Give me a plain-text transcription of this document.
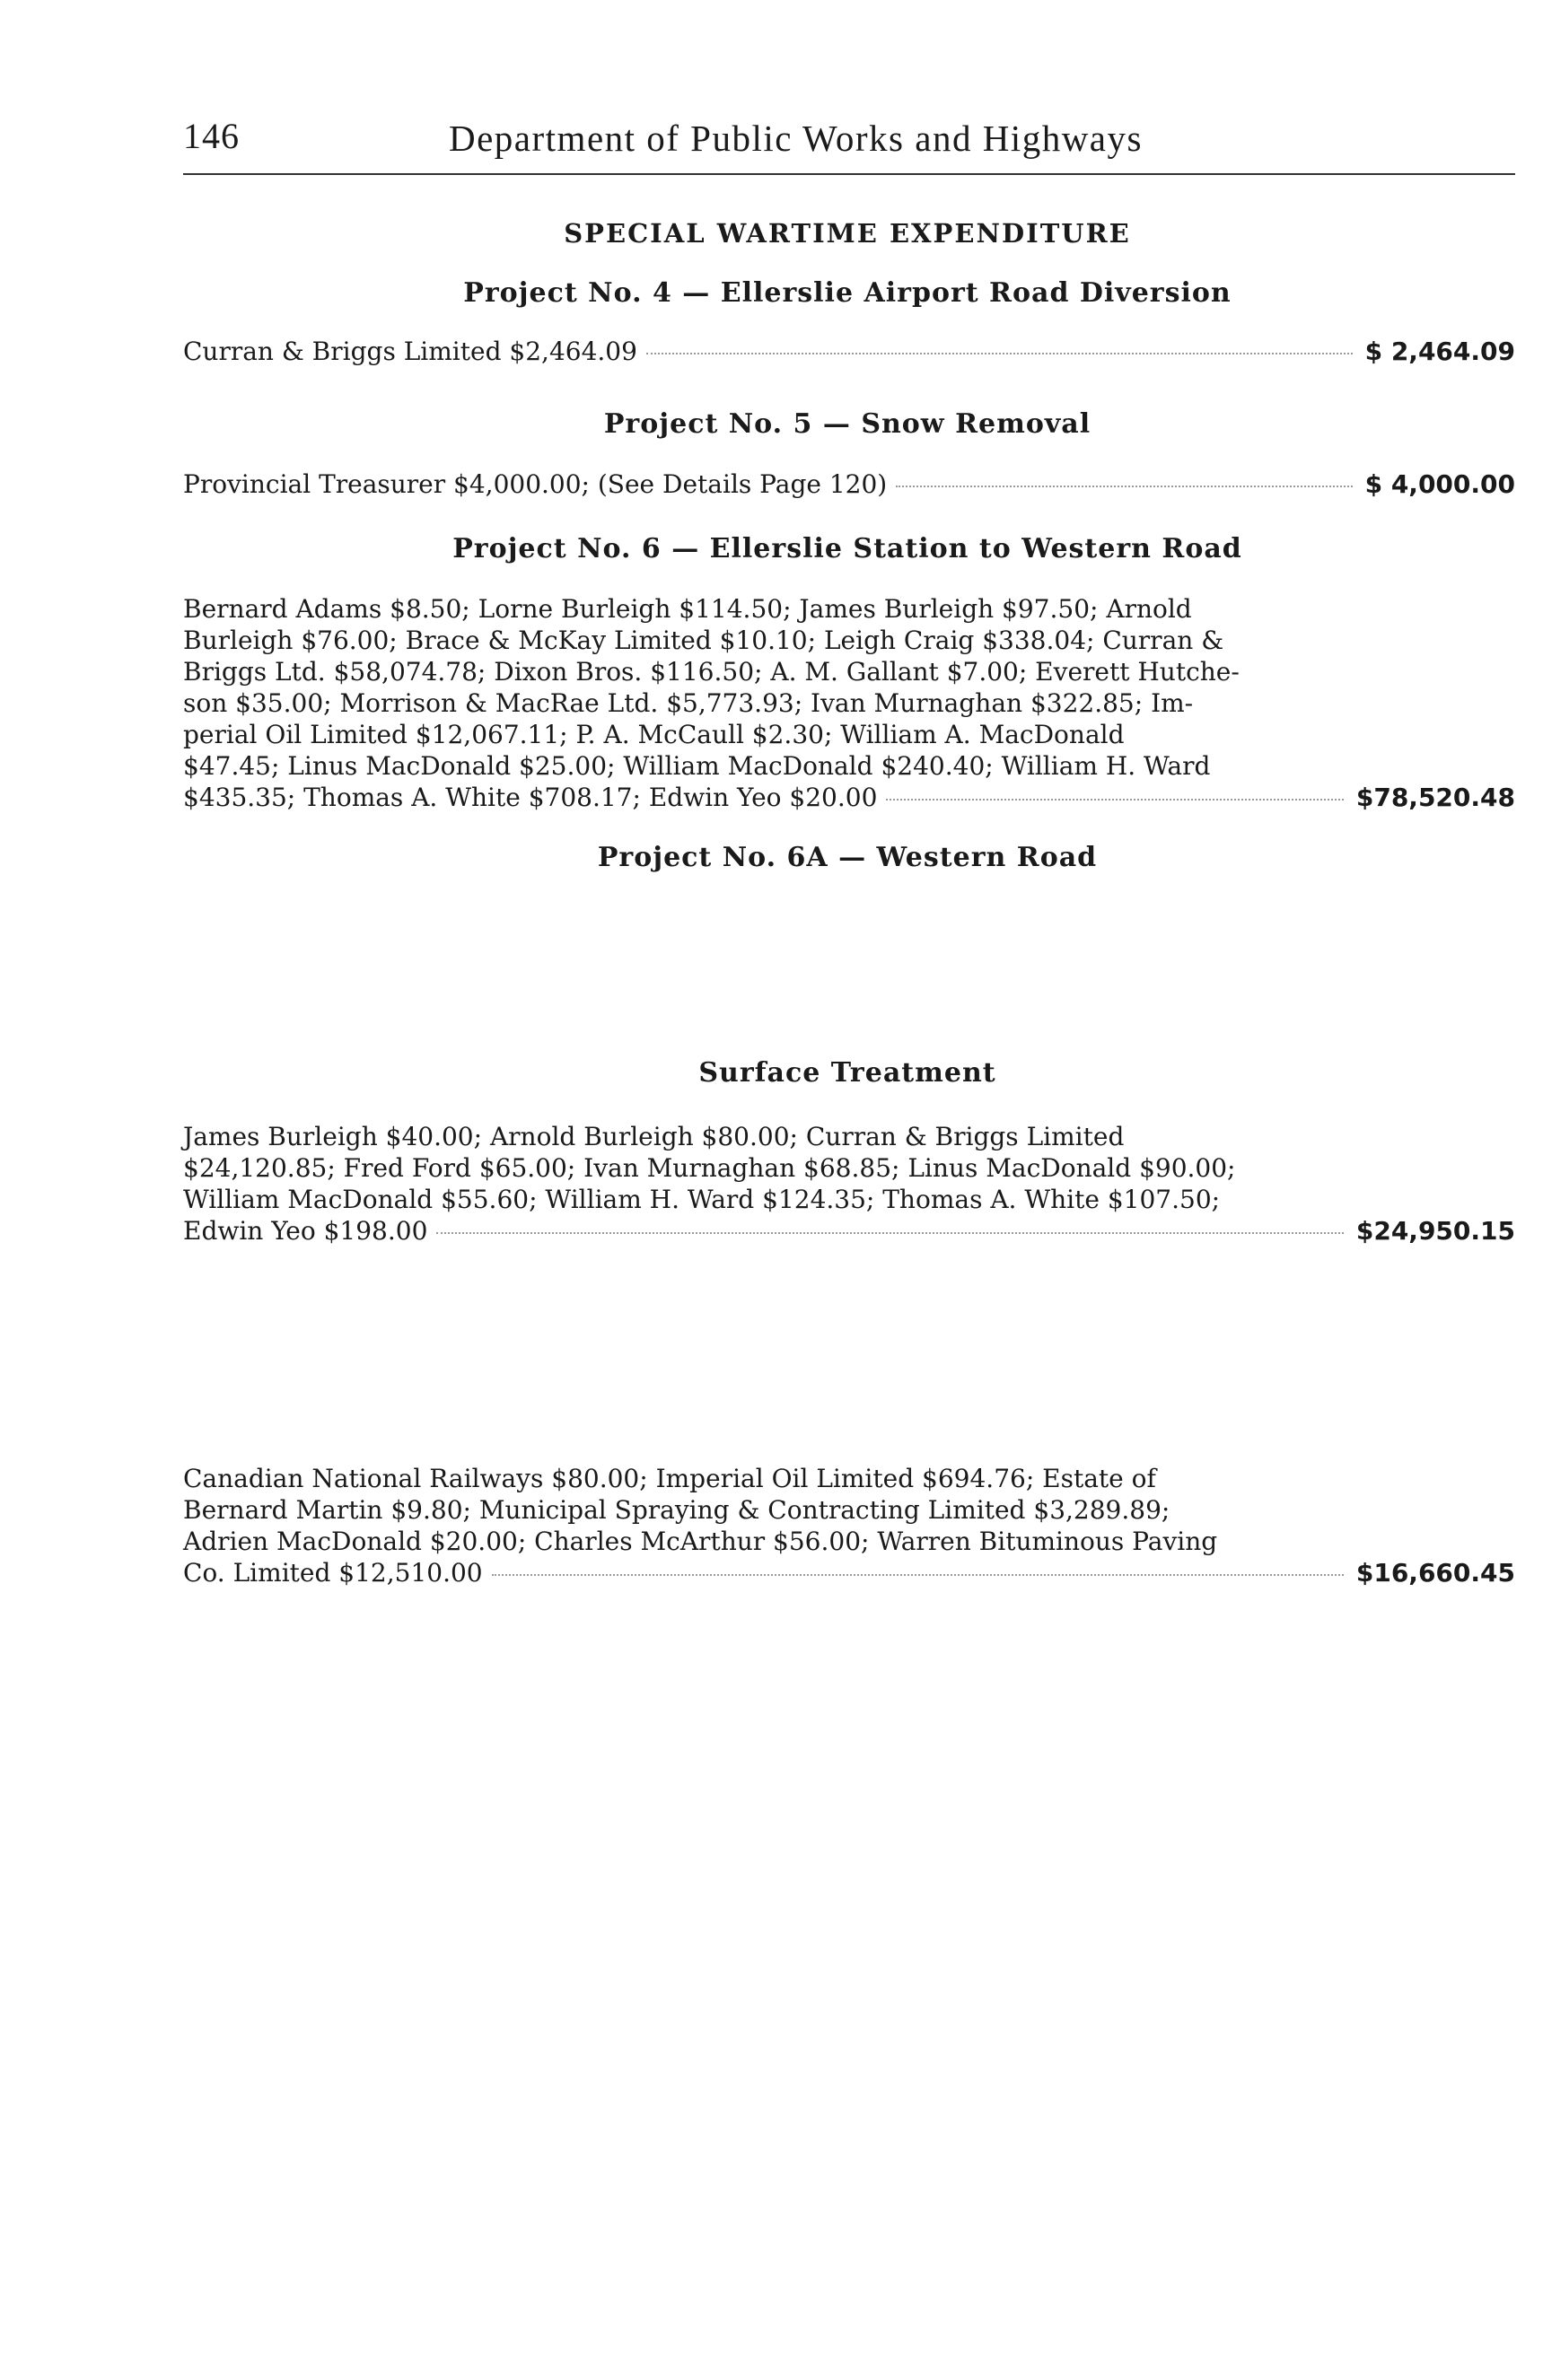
146	Department of Public Works and Highways
SPECIAL WARTIME EXPENDITURE
Project No. 4 — Ellerslie Airport Road Diversion
Curran & Briggs Limited $2,464.09	$ 2,464.09
Project No. 5 — Snow Removal
Provincial Treasurer $4,000.00; (See Details Page 120)	$ 4,000.00
Project No. 6 — Ellerslie Station to Western Road
Bernard Adams $8.50; Lorne Burleigh $114.50; James Burleigh $97.50; Arnold
Burleigh $76.00; Brace & McKay Limited $10.10; Leigh Craig $338.04; Curran &
Briggs Ltd. $58,074.78; Dixon Bros. $116.50; A. M. Gallant $7.00; Everett Hutche-
son $35.00; Morrison & MacRae Ltd. $5,773.93; Ivan Murnaghan $322.85; Im-
perial Oil Limited $12,067.11; P. A. McCaull $2.30; William A. MacDonald
$47.45; Linus MacDonald $25.00; William MacDonald $240.40; William H. Ward
$435.35; Thomas A. White $708.17; Edwin Yeo $20.00	$78,520.48
Project No. 6A — Western Road
James Burleigh $40.00; Arnold Burleigh $80.00; Curran & Briggs Limited
$24,120.85; Fred Ford $65.00; Ivan Murnaghan $68.85; Linus MacDonald $90.00;
William MacDonald $55.60; William H. Ward $124.35; Thomas A. White $107.50;
Edwin Yeo $198.00	$24,950.15
Surface Treatment
Canadian National Railways $80.00; Imperial Oil Limited $694.76; Estate of
Bernard Martin $9.80; Municipal Spraying & Contracting Limited $3,289.89;
Adrien MacDonald $20.00; Charles McArthur $56.00; Warren Bituminous Paving
Co. Limited $12,510.00	$16,660.45
